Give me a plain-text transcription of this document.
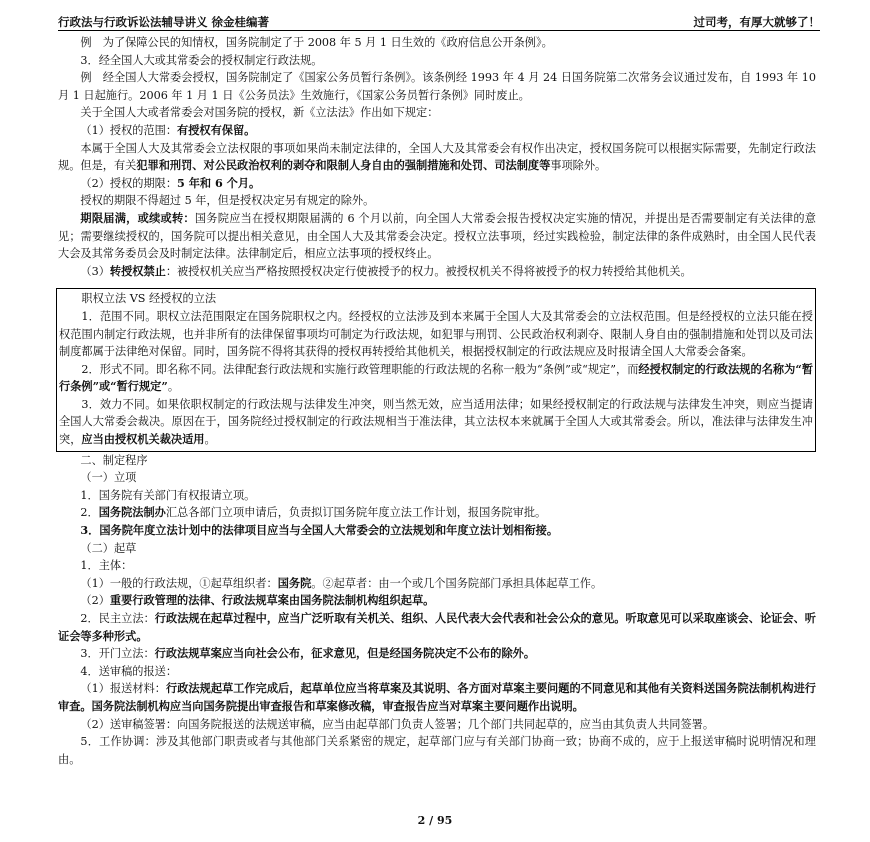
行政法与行政诉讼法辅导讲义 徐金桂编著	过司考，有厚大就够了！

例　为了保障公民的知情权，国务院制定了于 2008 年 5 月 1 日生效的《政府信息公开条例》。

3．经全国人大或其常委会的授权制定行政法规。

例　经全国人大常委会授权，国务院制定了《国家公务员暂行条例》。该条例经 1993 年 4 月 24 日国务院第二次常务会议通过发布，自 1993 年 10 月 1 日起施行。2006 年 1 月 1 日《公务员法》生效施行，《国家公务员暂行条例》同时废止。

关于全国人大或者常委会对国务院的授权，新《立法法》作出如下规定：

（1）授权的范围：有授权有保留。

本属于全国人大及其常委会立法权限的事项如果尚未制定法律的，全国人大及其常委会有权作出决定，授权国务院可以根据实际需要，先制定行政法规。但是，有关犯罪和刑罚、对公民政治权利的剥夺和限制人身自由的强制措施和处罚、司法制度等事项除外。

（2）授权的期限：5 年和 6 个月。

授权的期限不得超过 5 年，但是授权决定另有规定的除外。

期限届满，或续或转：国务院应当在授权期限届满的 6 个月以前，向全国人大常委会报告授权决定实施的情况，并提出是否需要制定有关法律的意见；需要继续授权的，国务院可以提出相关意见，由全国人大及其常委会决定。授权立法事项，经过实践检验，制定法律的条件成熟时，由全国人民代表大会及其常务委员会及时制定法律。法律制定后，相应立法事项的授权终止。

（3）转授权禁止：被授权机关应当严格按照授权决定行使被授予的权力。被授权机关不得将被授予的权力转授给其他机关。

职权立法 VS 经授权的立法

1．范围不同。职权立法范围限定在国务院职权之内。经授权的立法涉及到本来属于全国人大及其常委会的立法权范围。但是经授权的立法只能在授权范围内制定行政法规，也并非所有的法律保留事项均可制定为行政法规，如犯罪与刑罚、公民政治权利剥夺、限制人身自由的强制措施和处罚以及司法制度都属于法律绝对保留。同时，国务院不得将其获得的授权再转授给其他机关，根据授权制定的行政法规应及时报请全国人大常委会备案。

2．形式不同。即名称不同。法律配套行政法规和实施行政管理职能的行政法规的名称一般为“条例”或“规定”，而经授权制定的行政法规的名称为“暂行条例”或“暂行规定”。

3．效力不同。如果依职权制定的行政法规与法律发生冲突，则当然无效，应当适用法律；如果经授权制定的行政法规与法律发生冲突，则应当提请全国人大常委会裁决。原因在于，国务院经过授权制定的行政法规相当于准法律，其立法权本来就属于全国人大或其常委会。所以，准法律与法律发生冲突，应当由授权机关裁决适用。

二、制定程序

（一）立项

1．国务院有关部门有权报请立项。

2．国务院法制办汇总各部门立项申请后，负责拟订国务院年度立法工作计划，报国务院审批。

3．国务院年度立法计划中的法律项目应当与全国人大常委会的立法规划和年度立法计划相衔接。

（二）起草

1．主体：

（1）一般的行政法规，①起草组织者：国务院。②起草者：由一个或几个国务院部门承担具体起草工作。

（2）重要行政管理的法律、行政法规草案由国务院法制机构组织起草。

2．民主立法：行政法规在起草过程中，应当广泛听取有关机关、组织、人民代表大会代表和社会公众的意见。听取意见可以采取座谈会、论证会、听证会等多种形式。

3．开门立法：行政法规草案应当向社会公布，征求意见，但是经国务院决定不公布的除外。

4．送审稿的报送：

（1）报送材料：行政法规起草工作完成后，起草单位应当将草案及其说明、各方面对草案主要问题的不同意见和其他有关资料送国务院法制机构进行审查。国务院法制机构应当向国务院提出审查报告和草案修改稿，审查报告应当对草案主要问题作出说明。

（2）送审稿签署：向国务院报送的法规送审稿，应当由起草部门负责人签署；几个部门共同起草的，应当由其负责人共同签署。

5．工作协调：涉及其他部门职责或者与其他部门关系紧密的规定，起草部门应与有关部门协商一致；协商不成的，应于上报送审稿时说明情况和理由。

2 / 95
